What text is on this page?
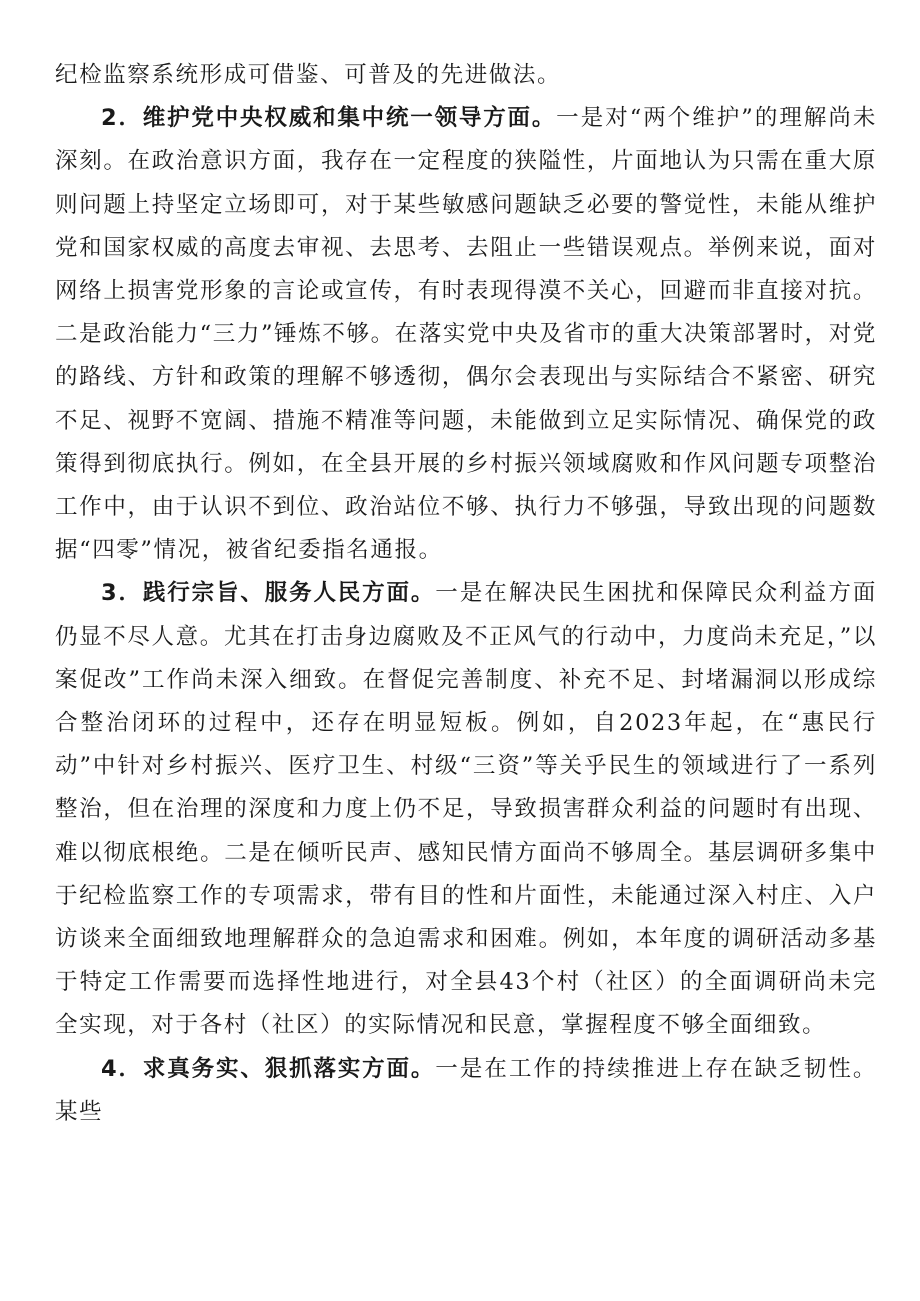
纪检监察系统形成可借鉴、可普及的先进做法。

2．维护党中央权威和集中统一领导方面。一是对“两个维护”的理解尚未深刻。在政治意识方面，我存在一定程度的狭隘性，片面地认为只需在重大原则问题上持坚定立场即可，对于某些敏感问题缺乏必要的警觉性，未能从维护党和国家权威的高度去审视、去思考、去阻止一些错误观点。举例来说，面对网络上损害党形象的言论或宣传，有时表现得漠不关心，回避而非直接对抗。二是政治能力“三力”锤炼不够。在落实党中央及省市的重大决策部署时，对党的路线、方针和政策的理解不够透彻，偶尔会表现出与实际结合不紧密、研究不足、视野不宽阔、措施不精准等问题，未能做到立足实际情况、确保党的政策得到彻底执行。例如，在全县开展的乡村振兴领域腐败和作风问题专项整治工作中，由于认识不到位、政治站位不够、执行力不够强，导致出现的问题数据“四零”情况，被省纪委指名通报。

3．践行宗旨、服务人民方面。一是在解决民生困扰和保障民众利益方面仍显不尽人意。尤其在打击身边腐败及不正风气的行动中，力度尚未充足，”以案促改”工作尚未深入细致。在督促完善制度、补充不足、封堵漏洞以形成综合整治闭环的过程中，还存在明显短板。例如，自2023年起，在“惠民行动”中针对乡村振兴、医疗卫生、村级“三资”等关乎民生的领域进行了一系列整治，但在治理的深度和力度上仍不足，导致损害群众利益的问题时有出现、难以彻底根绝。二是在倾听民声、感知民情方面尚不够周全。基层调研多集中于纪检监察工作的专项需求，带有目的性和片面性，未能通过深入村庄、入户访谈来全面细致地理解群众的急迫需求和困难。例如，本年度的调研活动多基于特定工作需要而选择性地进行，对全县43个村（社区）的全面调研尚未完全实现，对于各村（社区）的实际情况和民意，掌握程度不够全面细致。

4．求真务实、狠抓落实方面。一是在工作的持续推进上存在缺乏韧性。某些
